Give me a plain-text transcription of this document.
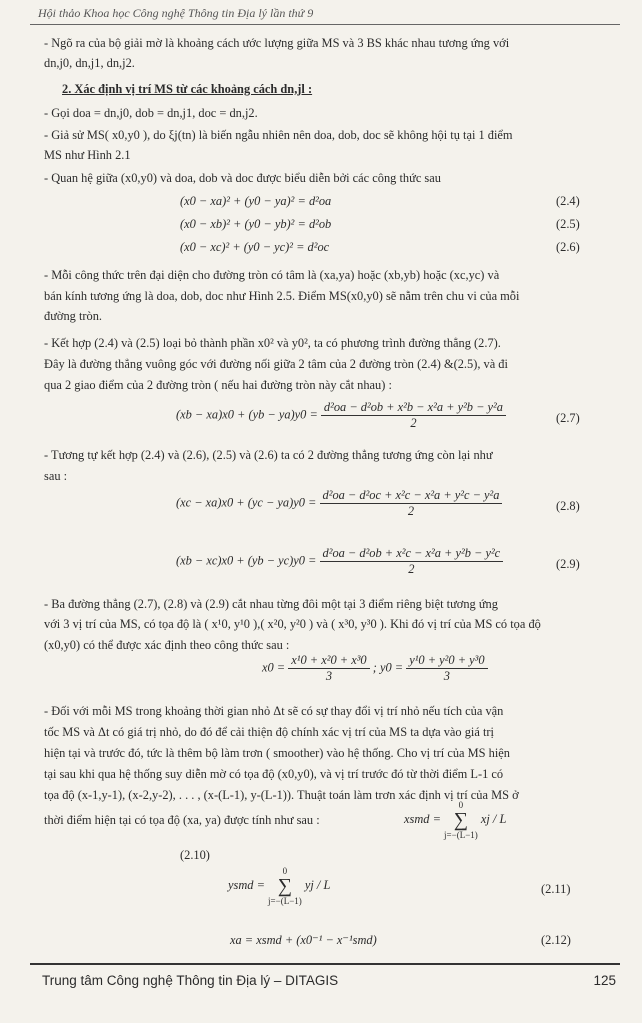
Hội thảo Khoa học Công nghệ Thông tin Địa lý lần thứ 9
- Ngõ ra của bộ giải mờ là khoảng cách ước lượng giữa MS và 3 BS khác nhau tương ứng với
dn,j0, dn,j1, dn,j2.
2. Xác định vị trí MS từ các khoảng cách dn,jl :
- Gọi doa = dn,j0, dob = dn,j1, doc = dn,j2.
- Giả sử MS( x0,y0 ), do ξj(tn) là biến ngẫu nhiên nên doa, dob, doc sẽ không hội tụ tại 1 điểm
MS như Hình 2.1
- Quan hệ giữa (x0,y0) và doa, dob và doc được biểu diễn bởi các công thức sau
(x0 − xa)² + (y0 − ya)² = d²oa	(2.4)
(x0 − xb)² + (y0 − yb)² = d²ob	(2.5)
(x0 − xc)² + (y0 − yc)² = d²oc	(2.6)
- Mỗi công thức trên đại diện cho đường tròn có tâm là (xa,ya) hoặc (xb,yb) hoặc (xc,yc) và
bán kính tương ứng là doa, dob, doc như Hình 2.5. Điểm MS(x0,y0) sẽ nằm trên chu vi của mỗi
đường tròn.
- Kết hợp (2.4) và (2.5) loại bỏ thành phần x0² và y0², ta có phương trình đường thẳng (2.7).
Đây là đường thẳng vuông góc với đường nối giữa 2 tâm của 2 đường tròn (2.4) &(2.5), và đi
qua 2 giao điểm của 2 đường tròn ( nếu hai đường tròn này cắt nhau) :
$(xb - xa)x0 + (yb - ya)y0 = \frac{\text{d²oa − d²ob + x²b − x²a + y²b − y²a}}{2}$	(2.7)
- Tương tự kết hợp (2.4) và (2.6), (2.5) và (2.6) ta có 2 đường thẳng tương ứng còn lại như
sau :
$(xc - xa)x0 + (yc - ya)y0 = \frac{\text{d²oa − d²oc + x²c − x²a + y²c − y²a}}{2}$	(2.8)
$(xb - xc)x0 + (yb - yc)y0 = \frac{\text{d²oa − d²ob + x²c − x²a + y²b − y²c}}{2}$	(2.9)
- Ba đường thẳng (2.7), (2.8) và (2.9) cắt nhau từng đôi một tại 3 điểm riêng biệt tương ứng
với 3 vị trí của MS, có tọa độ là ( x¹0, y¹0 ),( x²0, y²0 ) và ( x³0, y³0 ). Khi đó vị trí của MS có tọa độ
(x0,y0) có thể được xác định theo công thức sau :
$x0 = \frac{\text{x¹0 + x²0 + x³0}}{3}$ ; $y0 = \frac{\text{y¹0 + y²0 + y³0}}{3}$
- Đối với mỗi MS trong khoảng thời gian nhỏ Δt sẽ có sự thay đổi vị trí nhỏ nếu tích của vận
tốc MS và Δt có giá trị nhỏ, do đó để cải thiện độ chính xác vị trí của MS ta dựa vào giá trị
hiện tại và trước đó, tức là thêm bộ làm trơn ( smoother) vào hệ thống. Cho vị trí của MS hiện
tại sau khi qua hệ thống suy diễn mờ có tọa độ (x0,y0), và vị trí trước đó từ thời điểm L-1 có
tọa độ (x-1,y-1), (x-2,y-2), . . . , (x-(L-1), y-(L-1)). Thuật toán làm trơn xác định vị trí của MS ở
thời điểm hiện tại có tọa độ (xa, ya) được tính như sau :	xsmd = 0
∑
j=−(L−1) xj / L
(2.10)
ysmd = 0
∑
j=−(L−1) yj / L	(2.11)
xa = xsmd + (x0⁻¹ − x⁻¹smd)	(2.12)
Trung tâm Công nghệ Thông tin Địa lý – DITAGIS	125
